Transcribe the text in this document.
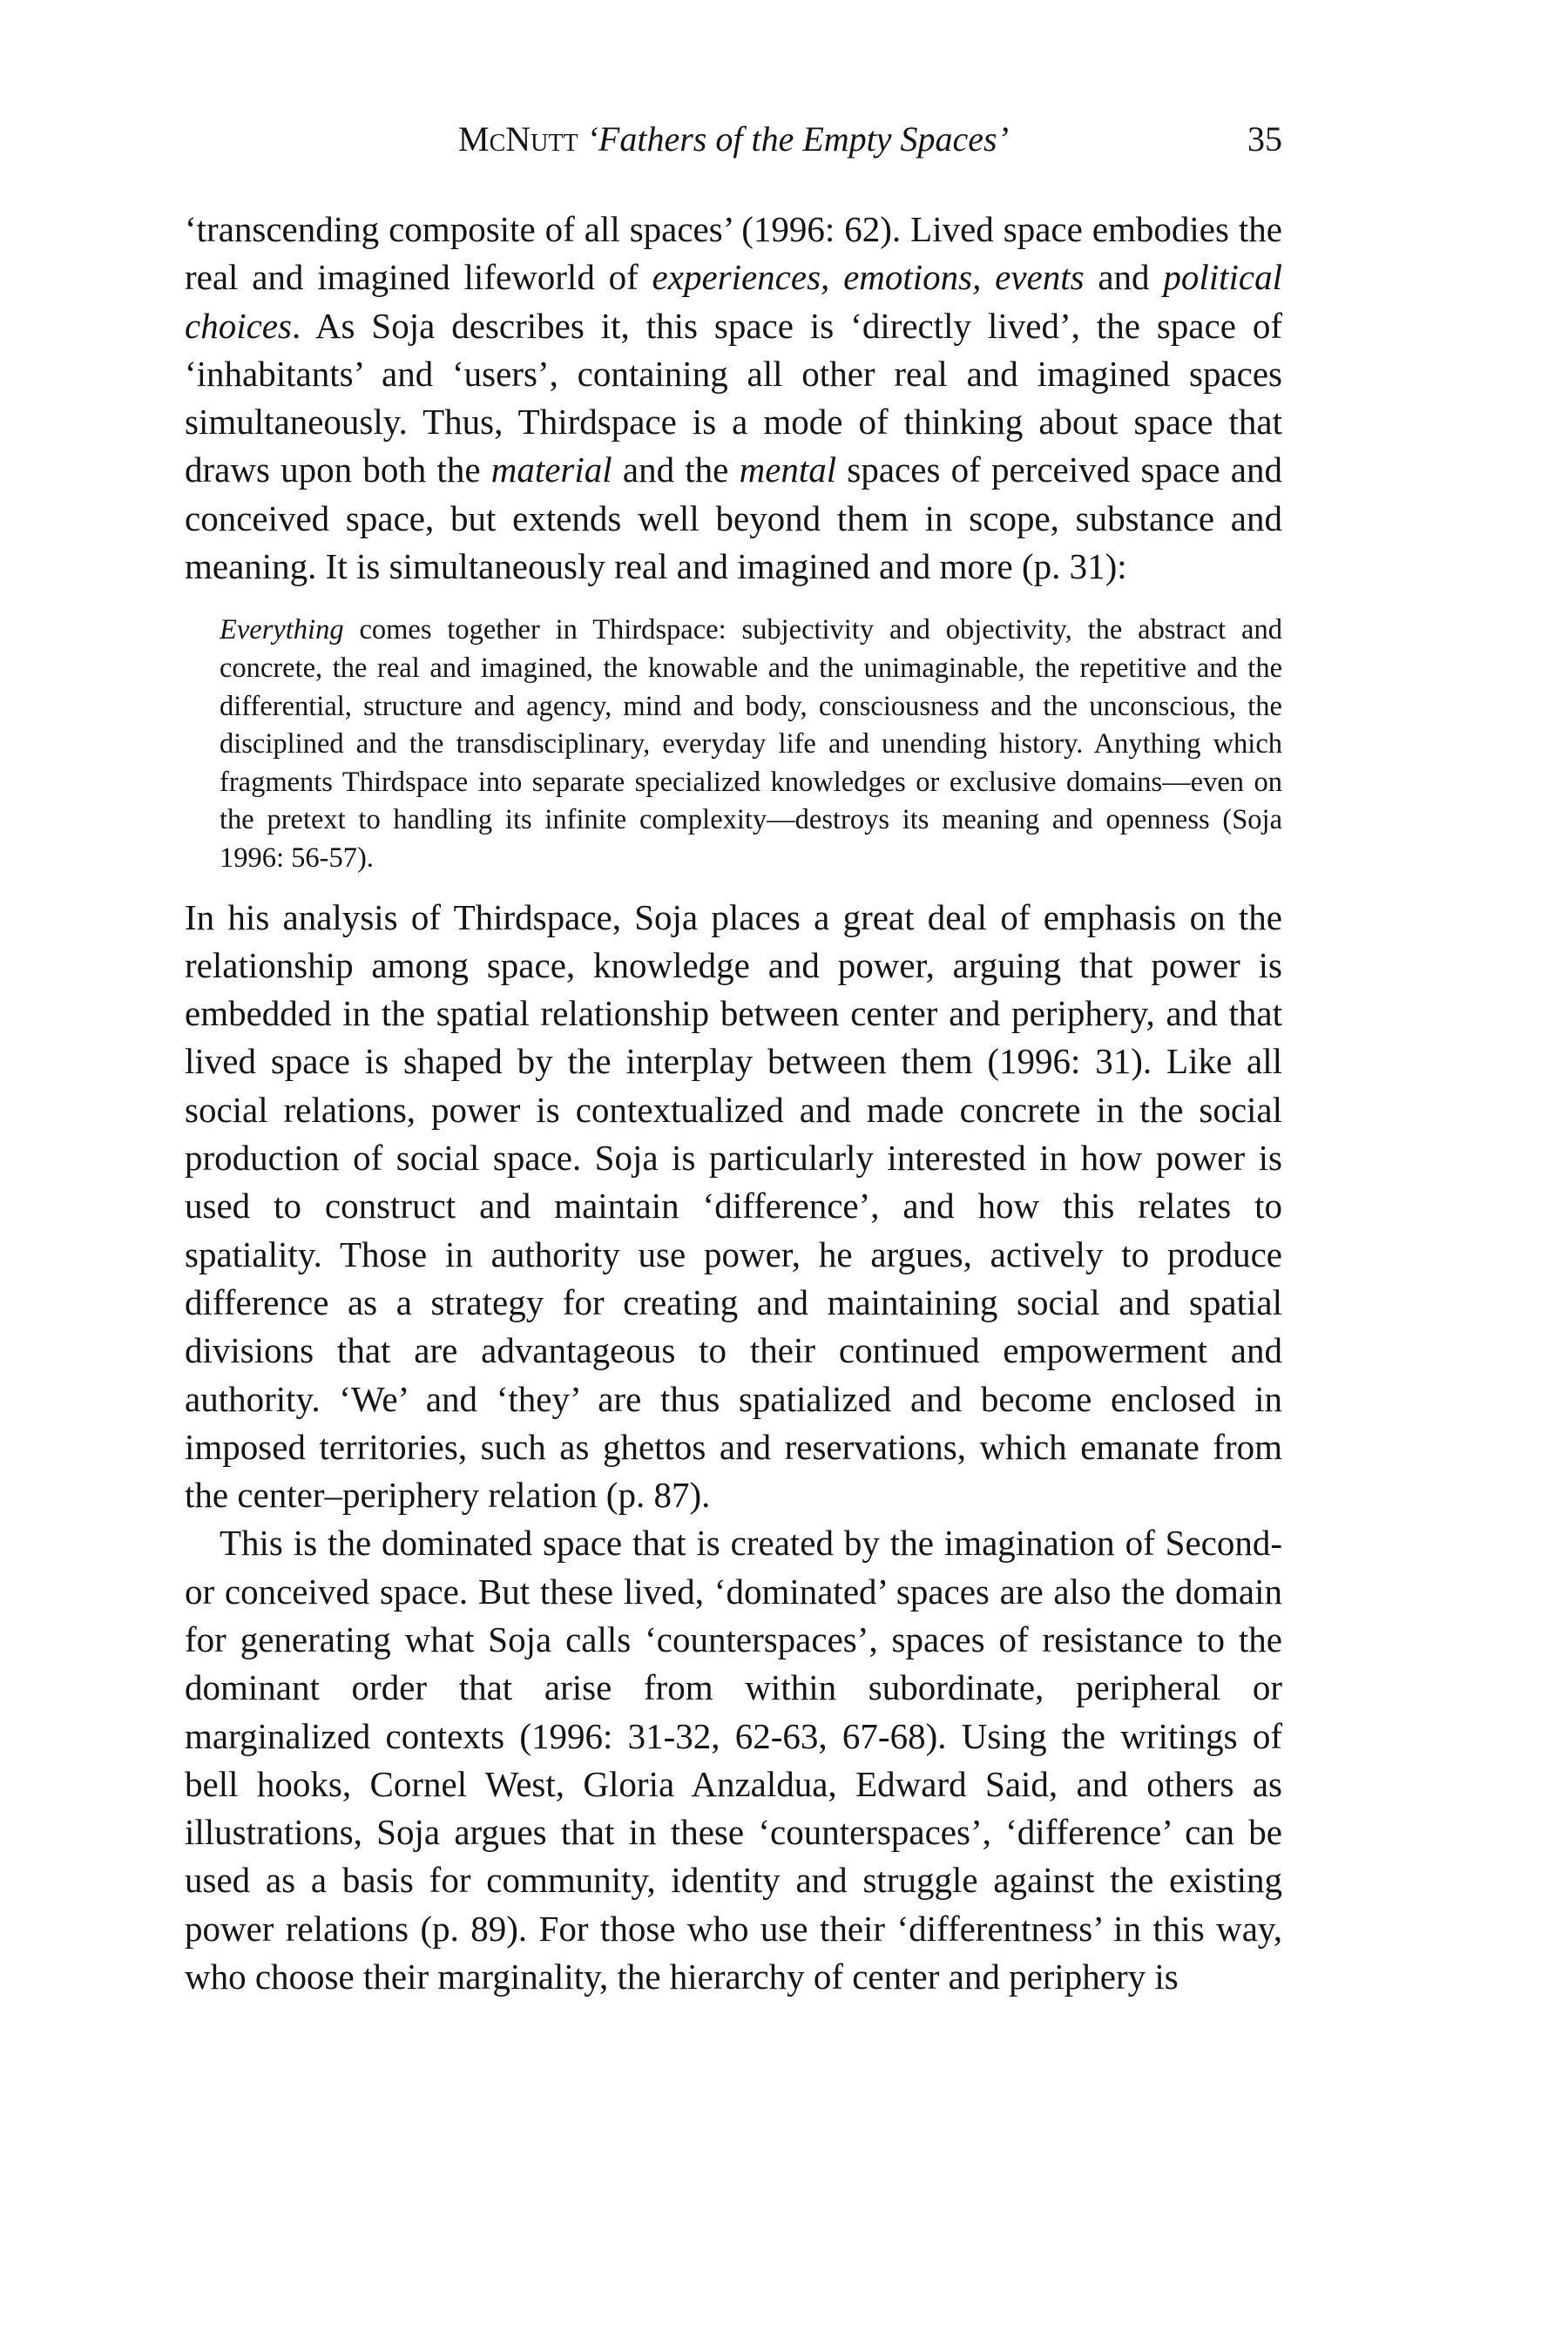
McNutt ‘Fathers of the Empty Spaces’	35

‘transcending composite of all spaces’ (1996: 62). Lived space embodies the real and imagined lifeworld of experiences, emotions, events and political choices. As Soja describes it, this space is ‘directly lived’, the space of ‘inhabitants’ and ‘users’, containing all other real and imagined spaces simultaneously. Thus, Thirdspace is a mode of thinking about space that draws upon both the material and the mental spaces of perceived space and conceived space, but extends well beyond them in scope, substance and meaning. It is simultaneously real and imagined and more (p. 31):

Everything comes together in Thirdspace: subjectivity and objectivity, the abstract and concrete, the real and imagined, the knowable and the unimaginable, the repetitive and the differential, structure and agency, mind and body, consciousness and the unconscious, the disciplined and the transdisciplinary, everyday life and unending history. Anything which fragments Thirdspace into separate specialized knowledges or exclusive domains—even on the pretext to handling its infinite complexity—destroys its meaning and openness (Soja 1996: 56-57).

In his analysis of Thirdspace, Soja places a great deal of emphasis on the relationship among space, knowledge and power, arguing that power is embedded in the spatial relationship between center and periphery, and that lived space is shaped by the interplay between them (1996: 31). Like all social relations, power is contextualized and made concrete in the social production of social space. Soja is particularly interested in how power is used to construct and maintain ‘difference’, and how this relates to spatiality. Those in authority use power, he argues, actively to produce difference as a strategy for creating and maintaining social and spatial divisions that are advantageous to their continued empowerment and authority. ‘We’ and ‘they’ are thus spatialized and become enclosed in imposed territories, such as ghettos and reservations, which emanate from the center–periphery relation (p. 87).

This is the dominated space that is created by the imagination of Second- or conceived space. But these lived, ‘dominated’ spaces are also the domain for generating what Soja calls ‘counterspaces’, spaces of resistance to the dominant order that arise from within subordinate, peripheral or marginalized contexts (1996: 31-32, 62-63, 67-68). Using the writings of bell hooks, Cornel West, Gloria Anzaldua, Edward Said, and others as illustrations, Soja argues that in these ‘counterspaces’, ‘difference’ can be used as a basis for community, identity and struggle against the existing power relations (p. 89). For those who use their ‘differentness’ in this way, who choose their marginality, the hierarchy of center and periphery is
